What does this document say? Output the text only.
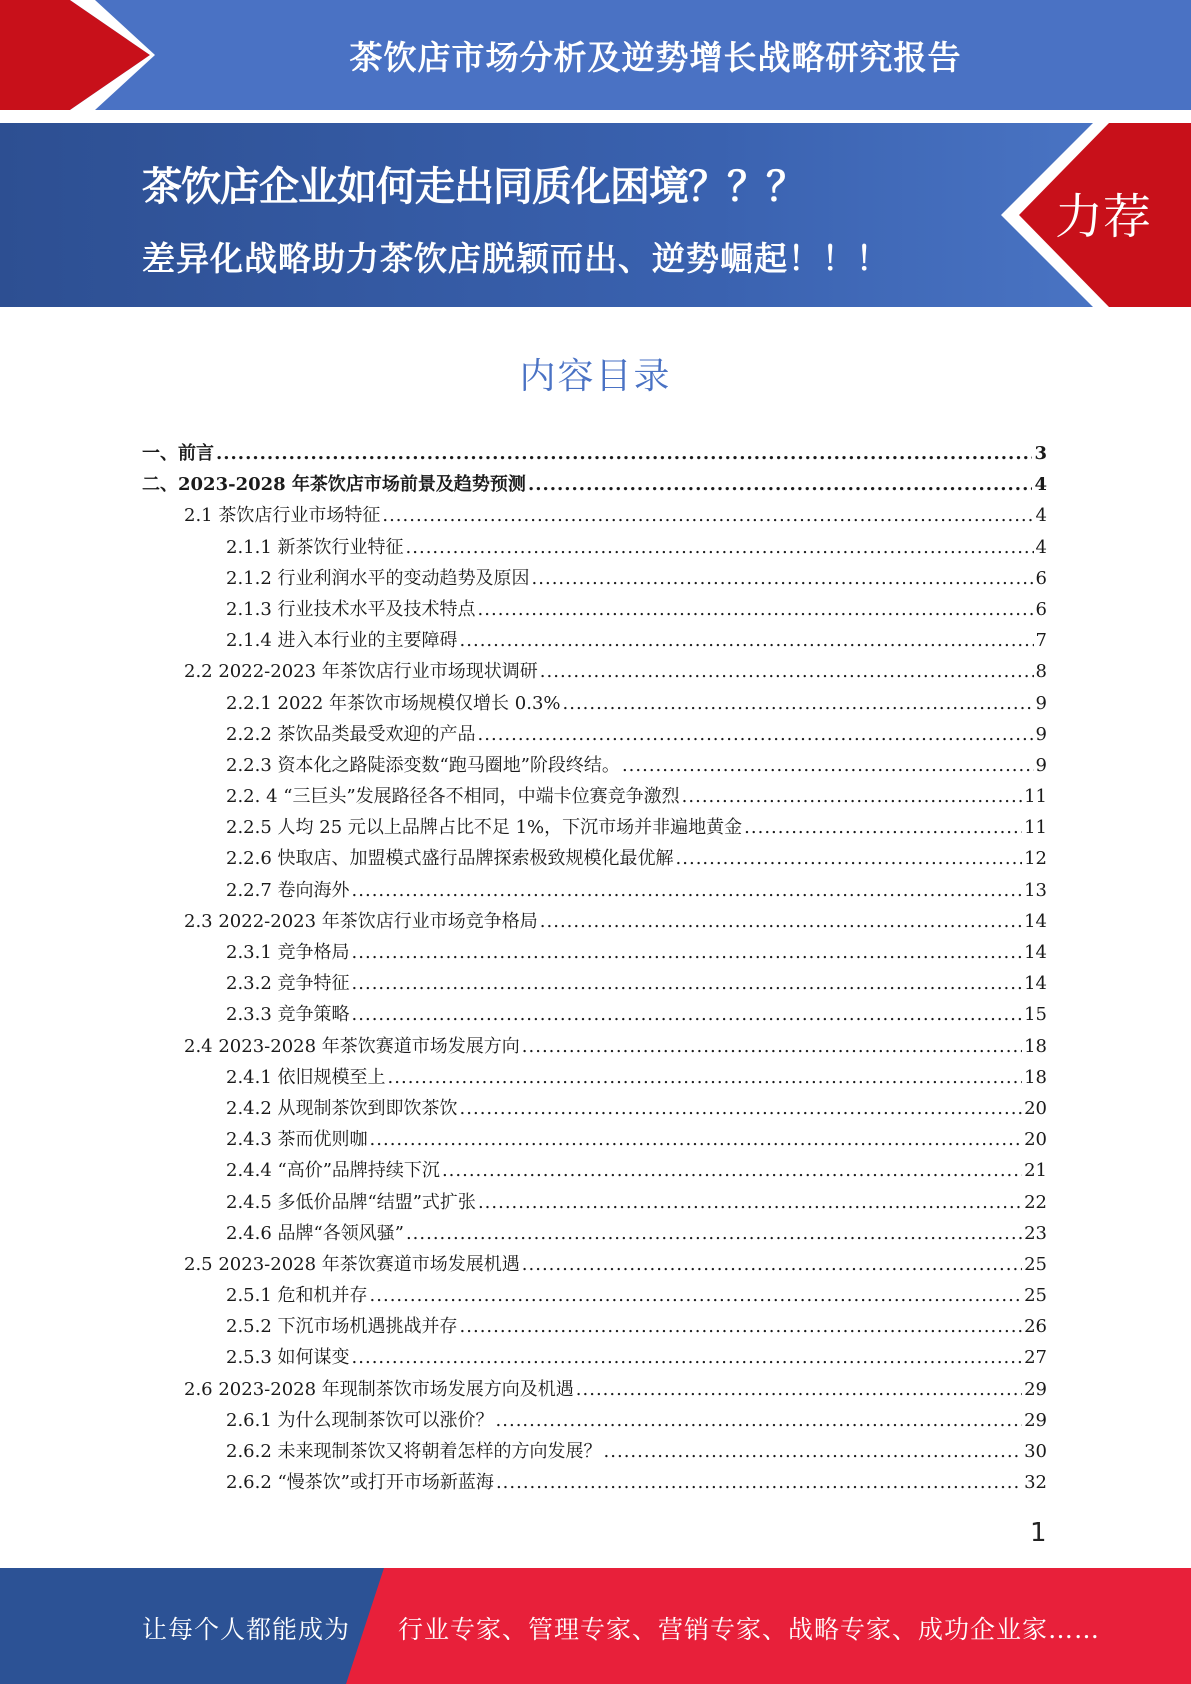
茶饮店市场分析及逆势增长战略研究报告
茶饮店企业如何走出同质化困境？？？
差异化战略助力茶饮店脱颖而出、逆势崛起！！！
力荐
内容目录
一、前言 .....	3
二、2023-2028 年茶饮店市场前景及趋势预测 .....	4
2.1 茶饮店行业市场特征 .....	4
2.1.1 新茶饮行业特征 .....	4
2.1.2 行业利润水平的变动趋势及原因 .....	6
2.1.3 行业技术水平及技术特点 .....	6
2.1.4 进入本行业的主要障碍 .....	7
2.2 2022-2023 年茶饮店行业市场现状调研 .....	8
2.2.1 2022 年茶饮市场规模仅增长 0.3% .....	9
2.2.2 茶饮品类最受欢迎的产品 .....	9
2.2.3 资本化之路陡添变数“跑马圈地”阶段终结。 .....	9
2.2. 4 “三巨头”发展路径各不相同，中端卡位赛竞争激烈 .....	11
2.2.5 人均 25 元以上品牌占比不足 1%，下沉市场并非遍地黄金 .....	11
2.2.6 快取店、加盟模式盛行品牌探索极致规模化最优解 .....	12
2.2.7 卷向海外 .....	13
2.3 2022-2023 年茶饮店行业市场竞争格局 .....	14
2.3.1 竞争格局 .....	14
2.3.2 竞争特征 .....	14
2.3.3 竞争策略 .....	15
2.4 2023-2028 年茶饮赛道市场发展方向 .....	18
2.4.1 依旧规模至上 .....	18
2.4.2 从现制茶饮到即饮茶饮 .....	20
2.4.3 茶而优则咖 .....	20
2.4.4 “高价”品牌持续下沉 .....	21
2.4.5 多低价品牌“结盟”式扩张 .....	22
2.4.6 品牌“各领风骚” .....	23
2.5 2023-2028 年茶饮赛道市场发展机遇 .....	25
2.5.1 危和机并存 .....	25
2.5.2 下沉市场机遇挑战并存 .....	26
2.5.3 如何谋变 .....	27
2.6 2023-2028 年现制茶饮市场发展方向及机遇 .....	29
2.6.1 为什么现制茶饮可以涨价？ .....	29
2.6.2 未来现制茶饮又将朝着怎样的方向发展？ .....	30
2.6.2 “慢茶饮”或打开市场新蓝海 .....	32
1
让每个人都能成为 行业专家、管理专家、营销专家、战略专家、成功企业家……
